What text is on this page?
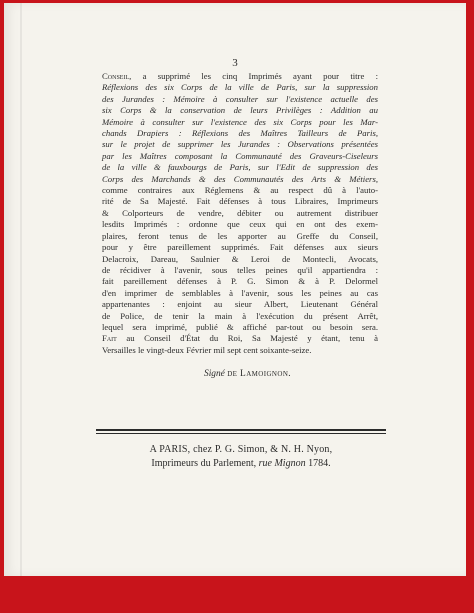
3
Conseil, a supprimé les cinq Imprimés ayant pour titre :
Réflexions des six Corps de la ville de Paris, sur la suppression
des Jurandes : Mémoire à consulter sur l'existence actuelle des
six Corps & la conservation de leurs Privilèges : Addition au
Mémoire à consulter sur l'existence des six Corps pour les Mar-
chands Drapiers : Réflexions des Maîtres Tailleurs de Paris,
sur le projet de supprimer les Jurandes : Observations présentées
par les Maîtres composant la Communauté des Graveurs-Ciseleurs
de la ville & fauxbourgs de Paris, sur l'Edit de suppression des
Corps des Marchands & des Communautés des Arts & Métiers,
comme contraires aux Réglemens & au respect dû à l'auto-
rité de Sa Majesté. Fait défenses à tous Libraires, Imprimeurs
& Colporteurs de vendre, débiter ou autrement distribuer
lesdits Imprimés : ordonne que ceux qui en ont des exem-
plaires, feront tenus de les apporter au Greffe du Conseil,
pour y être pareillement supprimés. Fait défenses aux sieurs
Delacroix, Dareau, Saulnier & Leroi de Montecli, Avocats,
de récidiver à l'avenir, sous telles peines qu'il appartiendra :
fait pareillement défenses à P. G. Simon & à P. Delormel
d'en imprimer de semblables à l'avenir, sous les peines au cas
appartenantes : enjoint au sieur Albert, Lieutenant Général
de Police, de tenir la main à l'exécution du présent Arrêt,
lequel sera imprimé, publié & affiché par-tout ou besoin sera.
Fait au Conseil d'État du Roi, Sa Majesté y étant, tenu à
Versailles le vingt-deux Février mil sept cent soixante-seize.
Signé de Lamoignon.
A PARIS, chez P. G. Simon, & N. H. Nyon,
Imprimeurs du Parlement, rue Mignon 1784.
